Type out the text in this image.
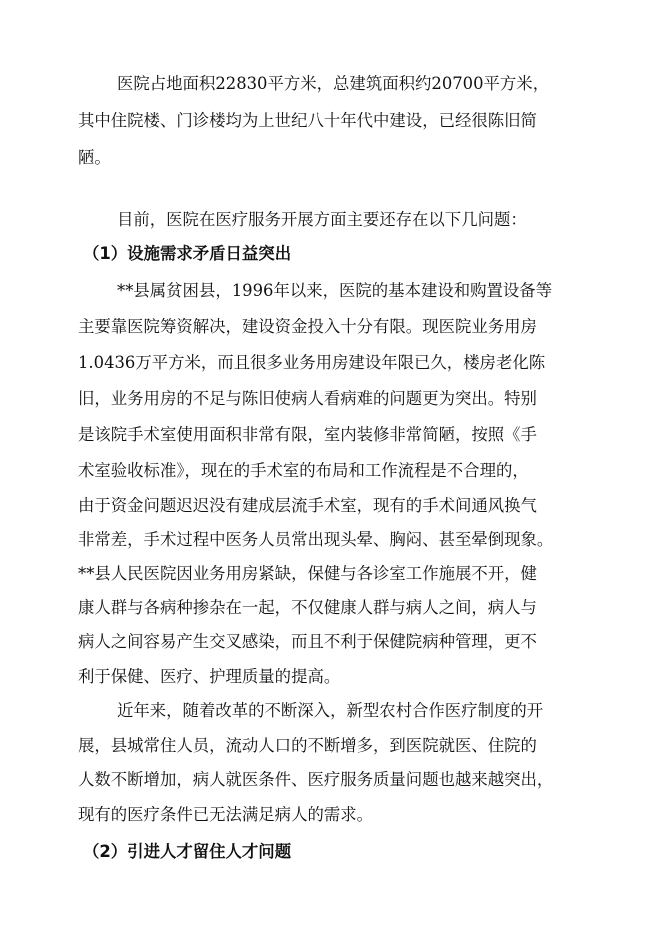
医院占地面积22830平方米，总建筑面积约20700平方米，
其中住院楼、门诊楼均为上世纪八十年代中建设，已经很陈旧简
陋。
目前，医院在医疗服务开展方面主要还存在以下几问题：
（1）设施需求矛盾日益突出
**县属贫困县，1996年以来，医院的基本建设和购置设备等
主要靠医院筹资解决，建设资金投入十分有限。现医院业务用房
1.0436万平方米，而且很多业务用房建设年限已久，楼房老化陈
旧，业务用房的不足与陈旧使病人看病难的问题更为突出。特别
是该院手术室使用面积非常有限，室内装修非常简陋，按照《手
术室验收标准》，现在的手术室的布局和工作流程是不合理的，
由于资金问题迟迟没有建成层流手术室，现有的手术间通风换气
非常差，手术过程中医务人员常出现头晕、胸闷、甚至晕倒现象。
**县人民医院因业务用房紧缺，保健与各诊室工作施展不开，健
康人群与各病种掺杂在一起，不仅健康人群与病人之间，病人与
病人之间容易产生交叉感染，而且不利于保健院病种管理，更不
利于保健、医疗、护理质量的提高。
近年来，随着改革的不断深入，新型农村合作医疗制度的开
展，县城常住人员，流动人口的不断增多，到医院就医、住院的
人数不断增加，病人就医条件、医疗服务质量问题也越来越突出，
现有的医疗条件已无法满足病人的需求。
（2）引进人才留住人才问题
